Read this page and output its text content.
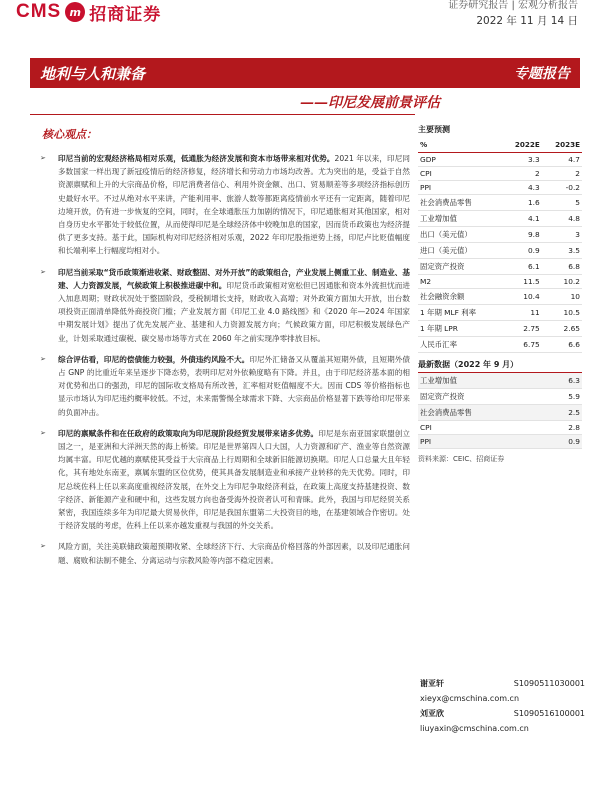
CMS m 招商证券	证券研究报告 | 宏观分析报告
2022 年 11 月 14 日
地利与人和兼备	专题报告
——印尼发展前景评估
核心观点：
➢ 印尼当前的宏观经济格局相对乐观，低通胀为经济发展和资本市场带来相对优势。2021 年以来，印尼同多数国家一样出现了新冠疫情后的经济修复，经济增长和劳动力市场均改善。尤为突出的是，受益于自然资源禀赋和上升的大宗商品价格，印尼消费者信心、利用外资金额、出口、贸易顺差等多项经济指标创历史最好水平。不过从绝对水平来讲，产能利用率、旅游人数等都距离疫情前水平还有一定距离，随着印尼边境开放，仍有进一步恢复的空间，同时，在全球通胀压力加剧的情况下，印尼通胀相对其他国家，相对自身历史水平都处于较低位置，从而使得印尼是全球经济体中较晚加息的国家，因而货币政策也为经济提供了更多支持。基于此，国际机构对印尼经济相对乐观，2022 年印尼股指逆势上扬，印尼卢比贬值幅度和长端利率上行幅度均相对小。
➢ 印尼当前采取“货币政策渐进收紧、财政整固、对外开放”的政策组合，产业发展上侧重工业、制造业、基建、人力资源发展，气候政策上积极推进碳中和。印尼货币政策相对宽松但已因通胀和资本外流担忧而进入加息周期；财政状况处于整固阶段，受税制增长支持，财政收入高增；对外政策方面加大开放，出台数项投资正面清单降低外商投资门槛；产业发展方面《印尼工业 4.0 路线图》和《2020 年—2024 年国家中期发展计划》提出了优先发展产业、基建和人力资源发展方向；气候政策方面，印尼积极发展绿色产业，计划采取通过碳税、碳交易市场等方式在 2060 年之前实现净零排放目标。
➢ 综合评估看，印尼的偿债能力较强，外债违约风险不大。印尼外汇储备又从覆盖其短期外债，且短期外债占 GNP 的比重近年来呈逐步下降态势，表明印尼对外依赖度略有下降。并且，由于印尼经济基本面的相对优势和出口的强劲，印尼的国际收支格局有所改善，汇率相对贬值幅度不大。因而 CDS 等价格指标也显示市场认为印尼违约概率较低。不过，未来需警惕全球需求下降、大宗商品价格显著下跌等给印尼带来的负面冲击。
➢ 印尼的禀赋条件和在任政府的政策取向为印尼现阶段经贸发展带来诸多优势。印尼是东南亚国家联盟创立国之一，是亚洲和大洋洲天然的海上桥梁。印尼是世界第四人口大国，人力资源和矿产、渔业等自然资源均属丰富。印尼优越的禀赋使其受益于大宗商品上行周期和全球新旧能源切换期。印尼人口总量大且年轻化，其有地处东南亚，禀属东盟的区位优势，使其具备发展制造业和承接产业转移的先天优势。同时，印尼总统佐科上任以来高度重视经济发展，在外交上为印尼争取经济利益，在政策上高度支持基建投资、数字经济、新能源产业和硬中和，这些发展方向也备受海外投资者认可和青睐。此外，我国与印尼经贸关系紧密，我国连续多年为印尼最大贸易伙伴，印尼是我国东盟第二大投资目的地，在基建领域合作密切。处于经济发展的考虑，佐科上任以来亦越发重视与我国的外交关系。
➢ 风险方面，关注美联储政策超预期收紧、全球经济下行、大宗商品价格回落的外部因素，以及印尼通胀问题、腐败和法制不健全、分离运动与宗教风险等内部不稳定因素。
主要预测
%	2022E	2023E
GDP	3.3	4.7
CPI	2	2
PPI	4.3	-0.2
社会消费品零售	1.6	5
工业增加值	4.1	4.8
出口（美元值）	9.8	3
进口（美元值）	0.9	3.5
固定资产投资	6.1	6.8
M2	11.5	10.2
社会融资余额	10.4	10
1 年期 MLF 利率	11	10.5
1 年期 LPR	2.75	2.65
人民币汇率	6.75	6.6
最新数据（2022 年 9 月）
工业增加值	6.3
固定资产投资	5.9
社会消费品零售	2.5
CPI	2.8
PPI	0.9
资料来源：CEIC、招商证券
谢亚轩	S1090511030001
xieyx@cmschina.com.cn
刘亚欣	S1090516100001
liuyaxin@cmschina.com.cn
